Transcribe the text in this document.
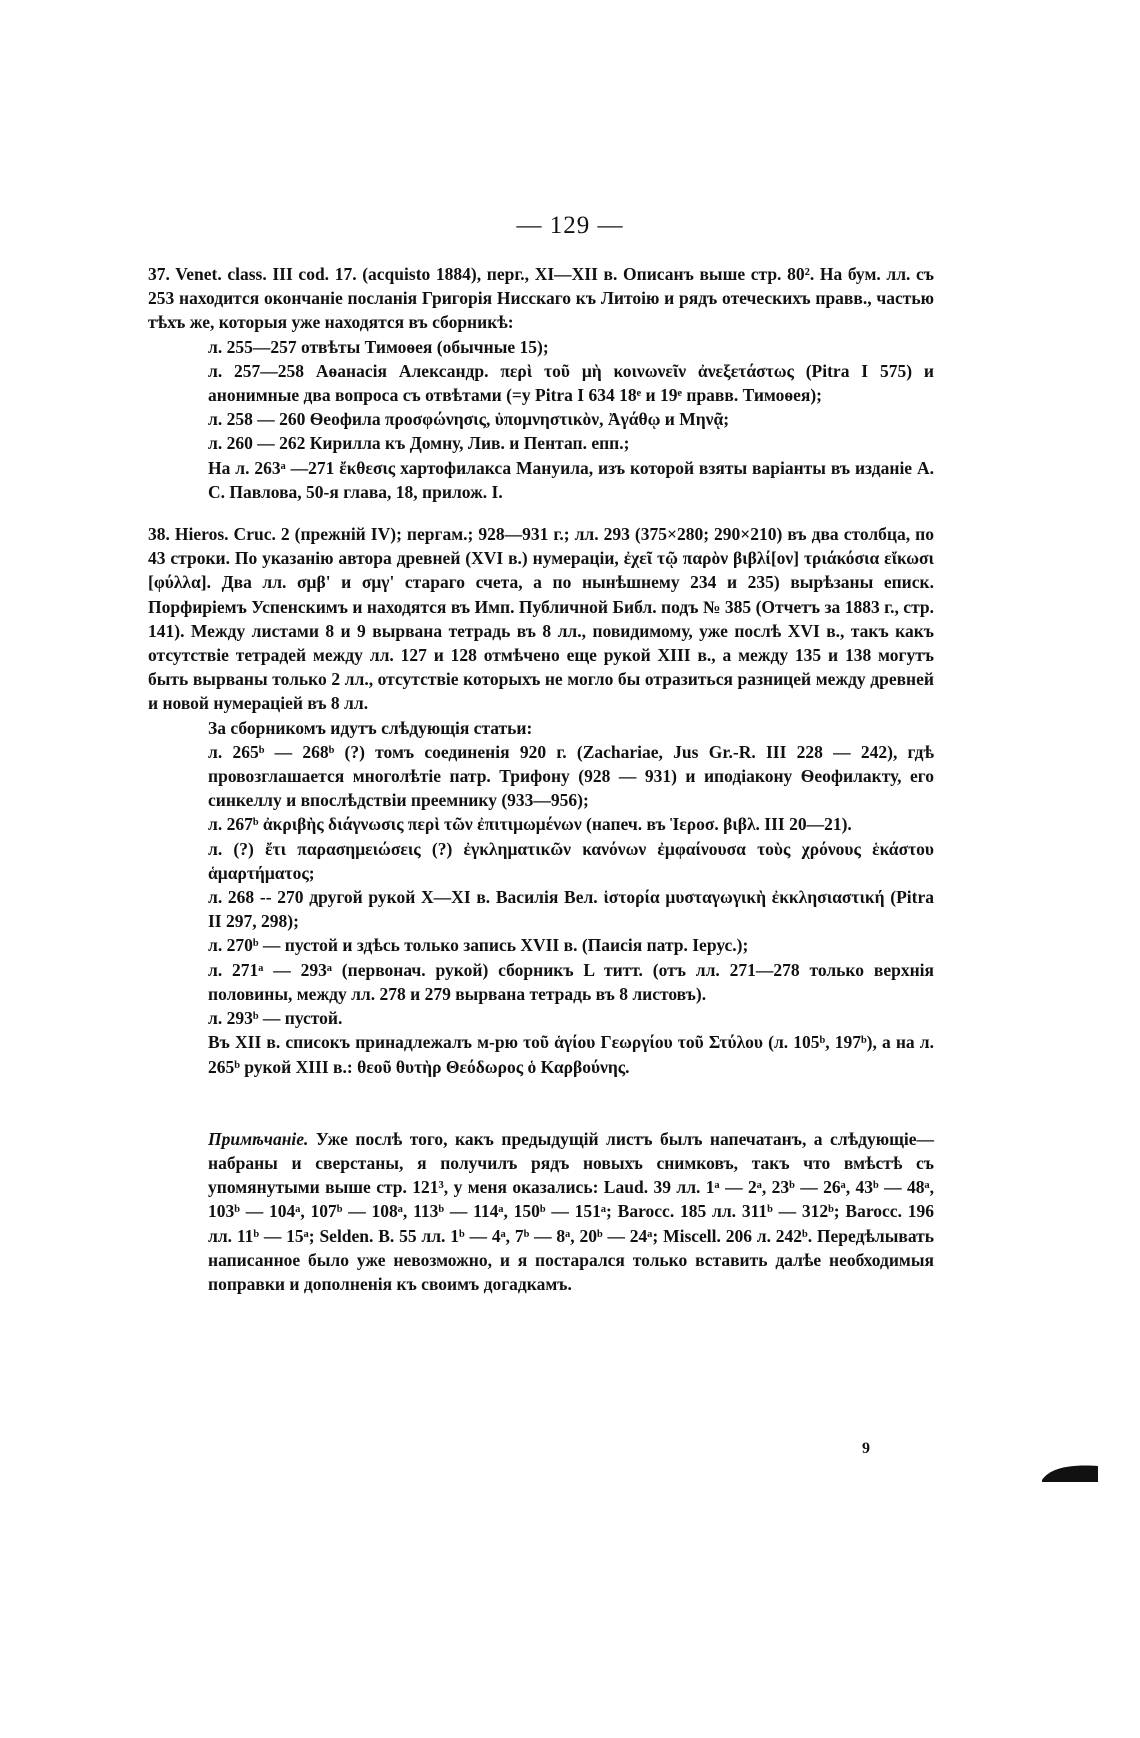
— 129 —

37. Venet. class. III cod. 17. (acquisto 1884), перг., XI—XII в. Описанъ выше стр. 80². На бум. лл. съ 253 находится окончаніе посланія Григорія Нисскаго къ Литоію и рядъ отеческихъ правв., частью тѣхъ же, которыя уже находятся въ сборникѣ:

л. 255—257 отвѣты Тимоѳея (обычные 15);

л. 257—258 Аѳанасія Александр. περὶ τοῦ μὴ κοινωνεῖν ἀνεξετάστως (Pitra I 575) и анонимные два вопроса съ отвѣтами (=у Pitra I 634 18ᵉ и 19ᵉ правв. Тимоѳея);

л. 258 — 260 Ѳеофила προσφώνησις, ὑπομνηστικὸν, Ἀγάθῳ и Μηνᾷ;

л. 260 — 262 Кирилла къ Домну, Лив. и Пентап. епп.;

На л. 263ᵃ —271 ἔκθεσις хартофилакса Мануила, изъ которой взяты варіанты въ изданіе А. С. Павлова, 50-я глава, 18, прилож. I.

38. Hieros. Cruc. 2 (прежній IV); пергам.; 928—931 г.; лл. 293 (375×280; 290×210) въ два столбца, по 43 строки. По указанію автора древней (XVI в.) нумераціи, ἐχεῖ τῷ παρὸν βιβλί[ον] τριάκόσια εἴκωσι [φύλλα]. Два лл. σμβ' и σμγ' стараго счета, а по нынѣшнему 234 и 235) вырѣзаны еписк. Порфиріемъ Успенскимъ и находятся въ Имп. Публичной Библ. подъ № 385 (Отчетъ за 1883 г., стр. 141). Между листами 8 и 9 вырвана тетрадь въ 8 лл., повидимому, уже послѣ XVI в., такъ какъ отсутствіе тетрадей между лл. 127 и 128 отмѣчено еще рукой XIII в., а между 135 и 138 могутъ быть вырваны только 2 лл., отсутствіе которыхъ не могло бы отразиться разницей между древней и новой нумераціей въ 8 лл.

За сборникомъ идутъ слѣдующія статьи:

л. 265ᵇ — 268ᵇ (?) томъ соединенія 920 г. (Zachariae, Jus Gr.-R. III 228 — 242), гдѣ провозглашается многолѣтіе патр. Трифону (928 — 931) и иподіакону Ѳеофилакту, его синкеллу и впослѣдствіи преемнику (933—956);

л. 267ᵇ ἀκριβὴς διάγνωσις περὶ τῶν ἐπιτιμωμένων (напеч. въ Ἱεροσ. βιβλ. III 20—21).

л. (?) ἔτι παρασημειώσεις (?) ἐγκληματικῶν κανόνων ἐμφαίνουσα τοὺς χρόνους ἑκάστου ἁμαρτήματος;

л. 268 -- 270 другой рукой X—XI в. Василія Вел. ἱστορία μυσταγωγικὴ ἐκκλησιαστική (Pitra II 297, 298);

л. 270ᵇ — пустой и здѣсь только запись XVII в. (Паисія патр. Іерус.);

л. 271ᵃ — 293ᵃ (первонач. рукой) сборникъ L титт. (отъ лл. 271—278 только верхнія половины, между лл. 278 и 279 вырвана тетрадь въ 8 листовъ).

л. 293ᵇ — пустой.

Въ XII в. списокъ принадлежалъ м-рю τοῦ ἁγίου Γεωργίου τοῦ Στύλου (л. 105ᵇ, 197ᵇ), а на л. 265ᵇ рукой XIII в.: θεοῦ θυτὴρ Θεόδωρος ὁ Καρβούνης.

Примѣчаніе. Уже послѣ того, какъ предыдущій листъ былъ напечатанъ, а слѣдующіе—набраны и сверстаны, я получилъ рядъ новыхъ снимковъ, такъ что вмѣстѣ съ упомянутыми выше стр. 121³, у меня оказались: Laud. 39 лл. 1ᵃ — 2ᵃ, 23ᵇ — 26ᵃ, 43ᵇ — 48ᵃ, 103ᵇ — 104ᵃ, 107ᵇ — 108ᵃ, 113ᵇ — 114ᵃ, 150ᵇ — 151ᵃ; Barocc. 185 лл. 311ᵇ — 312ᵇ; Barocc. 196 лл. 11ᵇ — 15ᵃ; Selden. B. 55 лл. 1ᵇ — 4ᵃ, 7ᵇ — 8ᵃ, 20ᵇ — 24ᵃ; Miscell. 206 л. 242ᵇ. Передѣлывать написанное было уже невозможно, и я постарался только вставить далѣе необходимыя поправки и дополненія къ своимъ догадкамъ.

9
